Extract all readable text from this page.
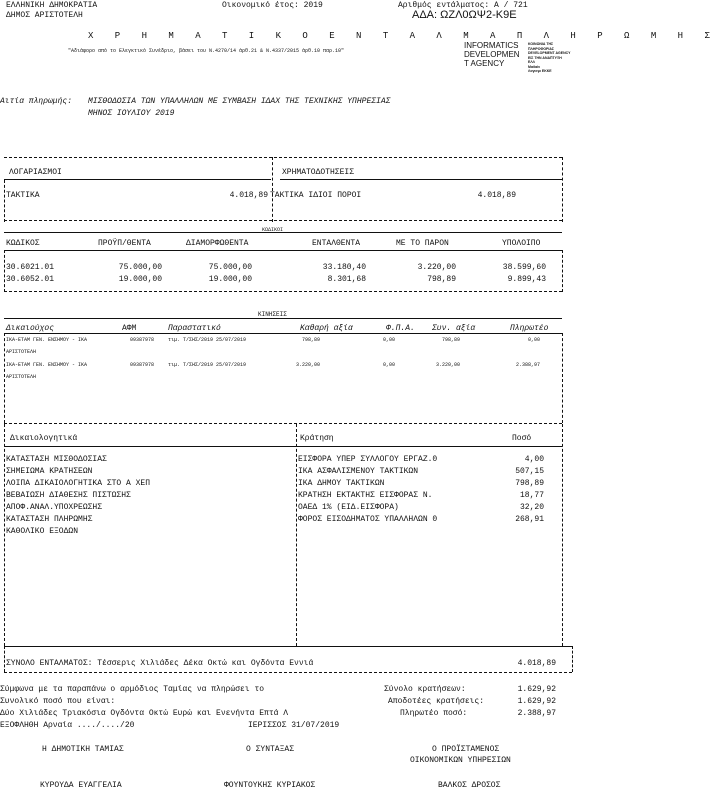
ΕΛΛΗΝΙΚΗ ΔΗΜΟΚΡΑΤΙΑ
ΔΗΜΟΣ ΑΡΙΣΤΟΤΕΛΗ
Οικονομικό έτος: 2019	Αριθμός εντάλματος: Α / 721
ΑΔΑ: ΩΖΛ0ΩΨ2-Κ9Ε
Χ Ρ Η Μ Α Τ Ι Κ Ο Ε Ν Τ Α Λ Μ Α Π Λ Η Ρ Ω Μ Η Σ
"Αδιάφορο από το Ελεγκτικό Συνέδριο, βάσει του Ν.4270/14 άρθ.21 & Ν.4337/2015 άρθ.10 παρ.10"
INFORMATICS
DEVELOPMEN
T AGENCY
ΚΟΙΝΩΝΙΑ ΤΗΣ
ΠΛΗΡΟΦΟΡΙΑΣ
DEVELOPMENT AGENCY
ΕΙΣ ΤΗΝ ΑΝΑΠΤΥΞΗ
ΕΛΛ
Μαθαίν
Λογισμι ΕΚΚΕ
Αιτία πληρωμής: ΜΙΣΘΟΔΟΣΙΑ ΤΩΝ ΥΠΑΛΛΗΛΩΝ ΜΕ ΣΥΜΒΑΣΗ ΙΔΑΧ ΤΗΣ ΤΕΧΝΙΚΗΣ ΥΠΗΡΕΣΙΑΣ
ΜΗΝΟΣ ΙΟΥΛΙΟΥ 2019
ΛΟΓΑΡΙΑΣΜΟΙ	ΧΡΗΜΑΤΟΔΟΤΗΣΕΙΣ
ΤΑΚΤΙΚΑ	4.018,89 ΤΑΚΤΙΚΑ ΙΔΙΟΙ ΠΟΡΟΙ	4.018,89
ΚΩΔΙΚΟΙ
ΚΩΔΙΚΟΣ	ΠΡΟΫΠ/ΘΕΝΤΑ	ΔΙΑΜΟΡΦΩΘΕΝΤΑ	ΕΝΤΑΛΘΕΝΤΑ	ΜΕ ΤΟ ΠΑΡΟΝ	ΥΠΟΛΟΙΠΟ
30.6021.01	75.000,00	75.000,00	33.180,40	3.220,00	38.599,60
30.6052.01	19.000,00	19.000,00	8.301,68	798,89	9.899,43
ΚΙΝΗΣΕΙΣ
Δικαιούχος	ΑΦΜ	Παραστατικό	Καθαρή αξία	Φ.Π.Α. Συν. αξία	Πληρωτέο
ΙΚΑ-ΕΤΑΜ ΓΕΝ. ΕΝΣΗΜΟΥ - ΙΚΑ
ΑΡΙΣΤΟΤΕΛΗ
09387978	τιμ. Τ/ΣΗΣ/2019 25/07/2019	798,89	0,00	798,89	0,00
ΙΚΑ-ΕΤΑΜ ΓΕΝ. ΕΝΣΗΜΟΥ - ΙΚΑ
ΑΡΙΣΤΟΤΕΛΗ
09387978	τιμ. Τ/ΣΗΣ/2019 25/07/2019	3.220,00	0,00	3.220,00	2.388,97
Δικαιολογητικά	Κράτηση	Ποσό
ΚΑΤΑΣΤΑΣΗ ΜΙΣΘΟΔΟΣΙΑΣ
ΣΗΜΕΙΩΜΑ ΚΡΑΤΗΣΕΩΝ
ΛΟΙΠΑ ΔΙΚΑΙΟΛΟΓΗΤΙΚΑ ΣΤΟ Α ΧΕΠ
ΒΕΒΑΙΩΣΗ ΔΙΑΘΕΣΗΣ ΠΙΣΤΩΣΗΣ
ΑΠΟΦ.ΑΝΑΛ.ΥΠΟΧΡΕΩΣΗΣ
ΚΑΤΑΣΤΑΣΗ ΠΛΗΡΩΜΗΣ
ΚΑΘΟΛΙΚΟ ΕΞΟΔΩΝ
ΕΙΣΦΟΡΑ ΥΠΕΡ ΣΥΛΛΟΓΟΥ ΕΡΓΑΖ.0	4,00
ΙΚΑ ΑΣΦΑΛΙΣΜΕΝΟΥ ΤΑΚΤΙΚΩΝ	507,15
ΙΚΑ ΔΗΜΟΥ ΤΑΚΤΙΚΩΝ	798,89
ΚΡΑΤΗΣΗ ΕΚΤΑΚΤΗΣ ΕΙΣΦΟΡΑΣ Ν.	18,77
ΟΑΕΔ 1% (ΕΙΔ.ΕΙΣΦΟΡΑ)	32,20
ΦΟΡΟΣ ΕΙΣΟΔΗΜΑΤΟΣ ΥΠΑΛΛΗΛΩΝ 0	268,91
ΣΥΝΟΛΟ ΕΝΤΑΛΜΑΤΟΣ: Τέσσερις Χιλιάδες Δέκα Οκτώ και Ογδόντα Εννιά	4.018,89
Σύμφωνα με τα παραπάνω ο αρμόδιος Ταμίας να πληρώσει το	Σύνολο κρατήσεων:	1.629,92
Συνολικό ποσό που είναι:	Αποδοτέες κρατήσεις:	1.629,92
Δύο Χιλιάδες Τριακόσια Ογδόντα Οκτώ Ευρώ και Ενενήντα Επτά Λ	Πληρωτέο ποσό:	2.388,97
ΕΞΟΦΛΗΘΗ Αρναία ..../..../20	ΙΕΡΙΣΣΟΣ 31/07/2019
Η ΔΗΜΟΤΙΚΗ ΤΑΜΙΑΣ	Ο ΣΥΝΤΑΞΑΣ	Ο ΠΡΟΪΣΤΑΜΕΝΟΣ
ΟΙΚΟΝΟΜΙΚΩΝ ΥΠΗΡΕΣΙΩΝ
ΚΥΡΟΥΔΑ ΕΥΑΓΓΕΛΙΑ	ΦΟΥΝΤΟΥΚΗΣ ΚΥΡΙΑΚΟΣ	ΒΑΛΚΟΣ ΔΡΟΣΟΣ
